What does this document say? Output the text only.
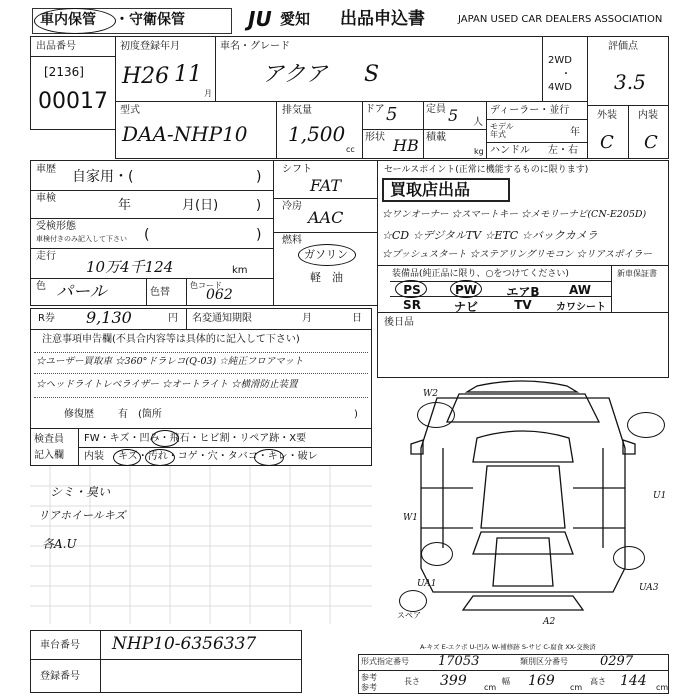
車内保管 ・守衛保管	JU 愛知 出品申込書	JAPAN USED CAR DEALERS ASSOCIATION
出品番号
[2136]
00017
初度登録年月
H26 11
月
車名・グレード
アクア S
2WD
・
4WD
評価点
3.5
型式
DAA-NHP10
排気量
1,500
cc
ドア 5	定員 5 人
形状 HB 積載
kg
ディーラー・並行
モデル年式	年
ハンドル 左・右
外装 内装
C C
車歴 自家用・(	)
車検	年	月(日)	)
受検形態
車検付きのみ記入して下さい (	)
走行
10万4千124	km
色 パール	色替
色コード
062
シフト
FAT
冷房
AAC
燃料
ガソリン
軽　油
セールスポイント(正常に機能するものに限ります)
買取店出品
☆ワンオーナー ☆スマートキー ☆メモリーナビ(CN-E205D)
☆CD ☆デジタルTV ☆ETC ☆バックカメラ
☆プッシュスタート ☆ステアリングリモコン ☆リアスポイラー
装備品(純正品に限り、○をつけてください)
PS	PW	エアB	AW
SR	ナビ	TV	カワシート
新車保証書
R券 9,130	円 名変通知期限	月	日 後日品
注意事項申告欄(不具合内容等は具体的に記入して下さい)
☆ユーザー買取車 ☆360°ドラレコ(Q-03) ☆純正フロアマット
☆ヘッドライトレベライザー ☆オートライト ☆横滑防止装置
修復歴 有　(箇所	)
検査員
記入欄
FW・キズ・凹み・飛石・ヒビ割・リペア跡・X要
内装 キズ・汚れ・コゲ・穴・タバコ・キレ・破レ
シミ・臭い
リアホイールキズ
各A.U
W2
U1
W1
UA1	UA3
A2
スペア
A-キズ E-エクボ U-凹み W-補修跡 S-サビ C-腐食 XX-交換済
車台番号 NHP10-6356337
登録番号
形式指定番号 17053	類別区分番号 0297
参考
参考
長さ 399 cm
幅 169 cm
高さ 144 cm
